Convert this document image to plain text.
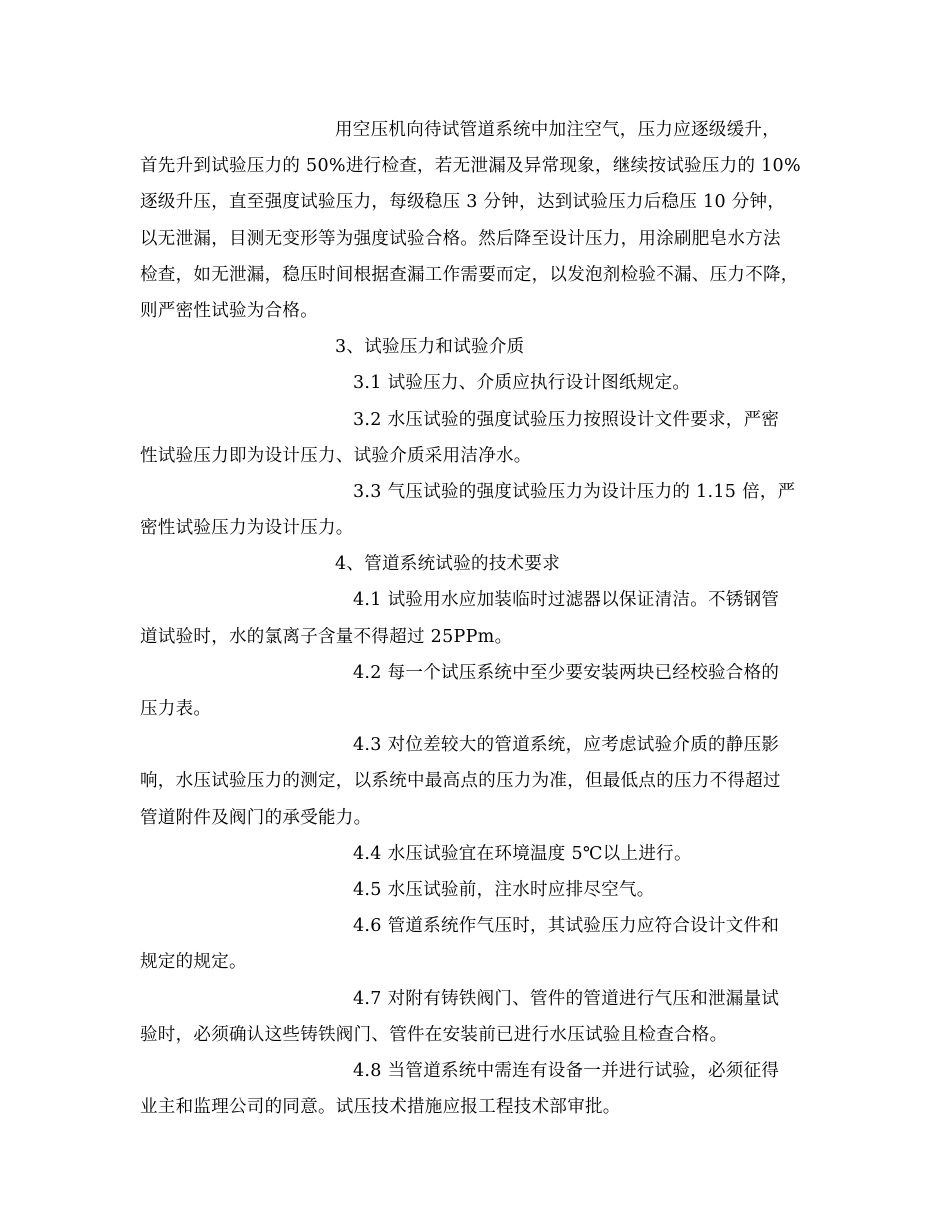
用空压机向待试管道系统中加注空气，压力应逐级缓升，
首先升到试验压力的 50%进行检查，若无泄漏及异常现象，继续按试验压力的 10%
逐级升压，直至强度试验压力，每级稳压 3 分钟，达到试验压力后稳压 10 分钟，
以无泄漏，目测无变形等为强度试验合格。然后降至设计压力，用涂刷肥皂水方法
检查，如无泄漏，稳压时间根据查漏工作需要而定，以发泡剂检验不漏、压力不降，
则严密性试验为合格。
3、试验压力和试验介质
3.1 试验压力、介质应执行设计图纸规定。
3.2 水压试验的强度试验压力按照设计文件要求，严密
性试验压力即为设计压力、试验介质采用洁净水。
3.3 气压试验的强度试验压力为设计压力的 1.15 倍，严
密性试验压力为设计压力。
4、管道系统试验的技术要求
4.1 试验用水应加装临时过滤器以保证清洁。不锈钢管
道试验时，水的氯离子含量不得超过 25PPm。
4.2 每一个试压系统中至少要安装两块已经校验合格的
压力表。
4.3 对位差较大的管道系统，应考虑试验介质的静压影
响，水压试验压力的测定，以系统中最高点的压力为准，但最低点的压力不得超过
管道附件及阀门的承受能力。
4.4 水压试验宜在环境温度 5℃以上进行。
4.5 水压试验前，注水时应排尽空气。
4.6 管道系统作气压时，其试验压力应符合设计文件和
规定的规定。
4.7 对附有铸铁阀门、管件的管道进行气压和泄漏量试
验时，必须确认这些铸铁阀门、管件在安装前已进行水压试验且检查合格。
4.8 当管道系统中需连有设备一并进行试验，必须征得
业主和监理公司的同意。试压技术措施应报工程技术部审批。
